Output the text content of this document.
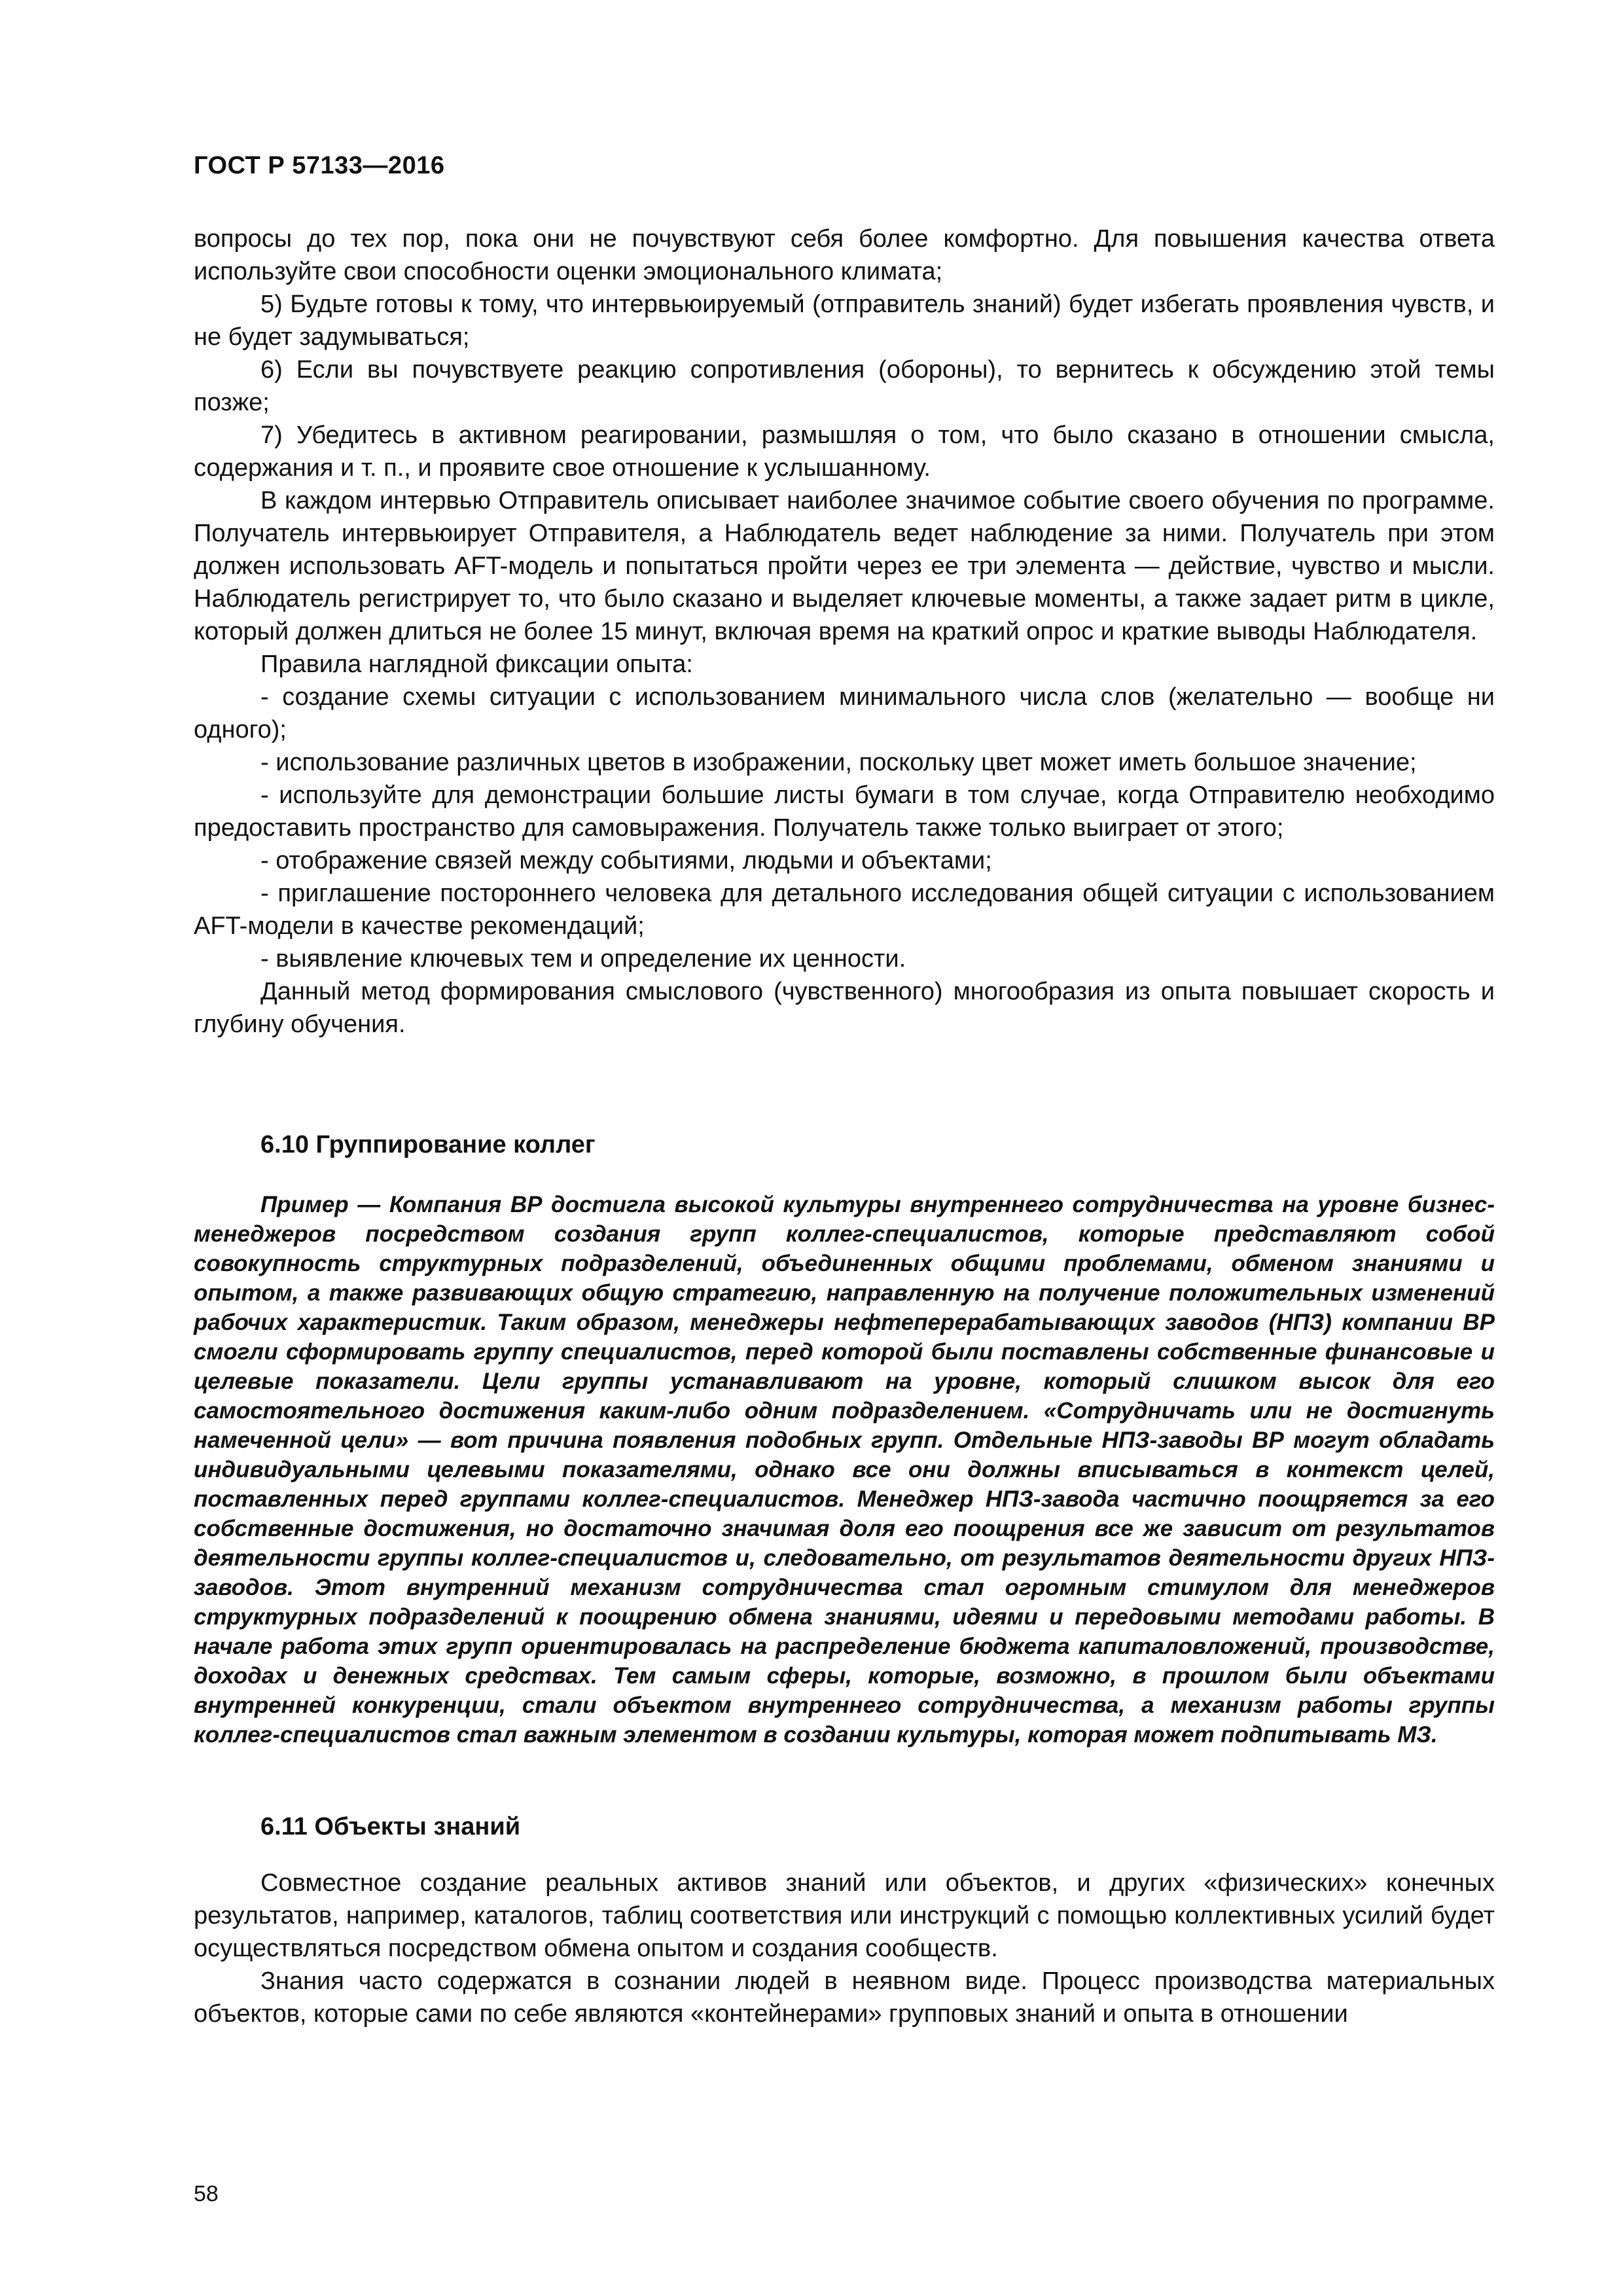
ГОСТ Р 57133—2016

вопросы до тех пор, пока они не почувствуют себя более комфортно. Для повышения качества ответа используйте свои способности оценки эмоционального климата;

5) Будьте готовы к тому, что интервьюируемый (отправитель знаний) будет избегать проявления чувств, и не будет задумываться;

6) Если вы почувствуете реакцию сопротивления (обороны), то вернитесь к обсуждению этой темы позже;

7) Убедитесь в активном реагировании, размышляя о том, что было сказано в отношении смысла, содержания и т. п., и проявите свое отношение к услышанному.

В каждом интервью Отправитель описывает наиболее значимое событие своего обучения по программе. Получатель интервьюирует Отправителя, а Наблюдатель ведет наблюдение за ними. Получатель при этом должен использовать AFT-модель и попытаться пройти через ее три элемента — действие, чувство и мысли. Наблюдатель регистрирует то, что было сказано и выделяет ключевые моменты, а также задает ритм в цикле, который должен длиться не более 15 минут, включая время на краткий опрос и краткие выводы Наблюдателя.

Правила наглядной фиксации опыта:

- создание схемы ситуации с использованием минимального числа слов (желательно — вообще ни одного);

- использование различных цветов в изображении, поскольку цвет может иметь большое значение;

- используйте для демонстрации большие листы бумаги в том случае, когда Отправителю необходимо предоставить пространство для самовыражения. Получатель также только выиграет от этого;

- отображение связей между событиями, людьми и объектами;

- приглашение постороннего человека для детального исследования общей ситуации с использованием AFT-модели в качестве рекомендаций;

- выявление ключевых тем и определение их ценности.

Данный метод формирования смыслового (чувственного) многообразия из опыта повышает скорость и глубину обучения.

6.10 Группирование коллег

Пример — Компания ВР достигла высокой культуры внутреннего сотрудничества на уровне бизнес-менеджеров посредством создания групп коллег-специалистов, которые представляют собой совокупность структурных подразделений, объединенных общими проблемами, обменом знаниями и опытом, а также развивающих общую стратегию, направленную на получение положительных изменений рабочих характеристик. Таким образом, менеджеры нефтеперерабатывающих заводов (НПЗ) компании ВР смогли сформировать группу специалистов, перед которой были поставлены собственные финансовые и целевые показатели. Цели группы устанавливают на уровне, который слишком высок для его самостоятельного достижения каким-либо одним подразделением. «Сотрудничать или не достигнуть намеченной цели» — вот причина появления подобных групп. Отдельные НПЗ-заводы ВР могут обладать индивидуальными целевыми показателями, однако все они должны вписываться в контекст целей, поставленных перед группами коллег-специалистов. Менеджер НПЗ-завода частично поощряется за его собственные достижения, но достаточно значимая доля его поощрения все же зависит от результатов деятельности группы коллег-специалистов и, следовательно, от результатов деятельности других НПЗ-заводов. Этот внутренний механизм сотрудничества стал огромным стимулом для менеджеров структурных подразделений к поощрению обмена знаниями, идеями и передовыми методами работы. В начале работа этих групп ориентировалась на распределение бюджета капиталовложений, производстве, доходах и денежных средствах. Тем самым сферы, которые, возможно, в прошлом были объектами внутренней конкуренции, стали объектом внутреннего сотрудничества, а механизм работы группы коллег-специалистов стал важным элементом в создании культуры, которая может подпитывать МЗ.

6.11 Объекты знаний

Совместное создание реальных активов знаний или объектов, и других «физических» конечных результатов, например, каталогов, таблиц соответствия или инструкций с помощью коллективных усилий будет осуществляться посредством обмена опытом и создания сообществ.

Знания часто содержатся в сознании людей в неявном виде. Процесс производства материальных объектов, которые сами по себе являются «контейнерами» групповых знаний и опыта в отношении

58
